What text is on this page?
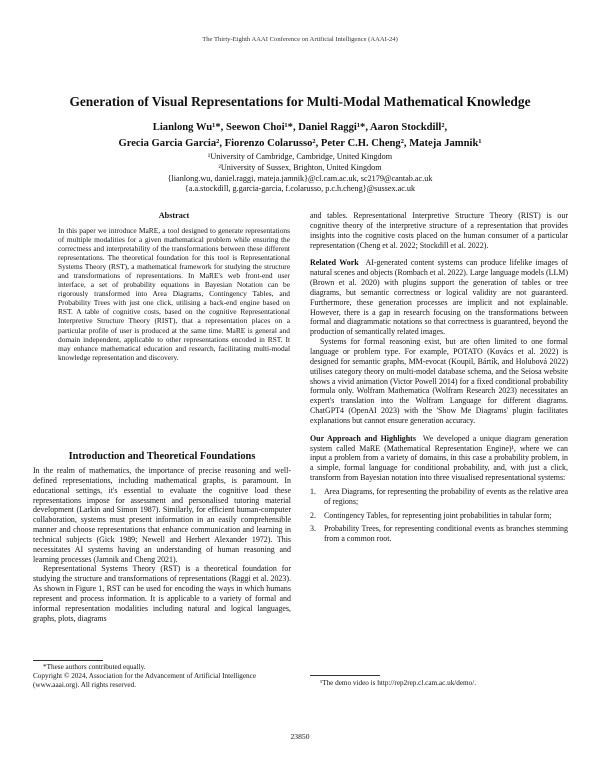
The Thirty-Eighth AAAI Conference on Artificial Intelligence (AAAI-24)
Generation of Visual Representations for Multi-Modal Mathematical Knowledge
Lianlong Wu¹*, Seewon Choi¹*, Daniel Raggi¹*, Aaron Stockdill²,
Grecia Garcia Garcia², Fiorenzo Colarusso², Peter C.H. Cheng², Mateja Jamnik¹
¹University of Cambridge, Cambridge, United Kingdom
²University of Sussex, Brighton, United Kingdom
{lianlong.wu, daniel.raggi, mateja.jamnik}@cl.cam.ac.uk, sc2179@cantab.ac.uk
{a.a.stockdill, g.garcia-garcia, f.colarusso, p.c.h.cheng}@sussex.ac.uk
Abstract
In this paper we introduce MaRE, a tool designed to generate representations of multiple modalities for a given mathematical problem while ensuring the correctness and interpretability of the transformations between these different representations. The theoretical foundation for this tool is Representational Systems Theory (RST), a mathematical framework for studying the structure and transformations of representations. In MaRE's web front-end user interface, a set of probability equations in Bayesian Notation can be rigorously transformed into Area Diagrams, Contingency Tables, and Probability Trees with just one click, utilising a back-end engine based on RST. A table of cognitive costs, based on the cognitive Representational Interpretive Structure Theory (RIST), that a representation places on a particular profile of user is produced at the same time. MaRE is general and domain independent, applicable to other representations encoded in RST. It may enhance mathematical education and research, facilitating multi-modal knowledge representation and discovery.
Introduction and Theoretical Foundations

In the realm of mathematics, the importance of precise reasoning and well-defined representations, including mathematical graphs, is paramount. In educational settings, it's essential to evaluate the cognitive load these representations impose for assessment and personalised tutoring material development (Larkin and Simon 1987). Similarly, for efficient human-computer collaboration, systems must present information in an easily comprehensible manner and choose representations that enhance communication and learning in technical subjects (Gick 1989; Newell and Herbert Alexander 1972). This necessitates AI systems having an understanding of human reasoning and learning processes (Jamnik and Cheng 2021).

Representational Systems Theory (RST) is a theoretical foundation for studying the structure and transformations of representations (Raggi et al. 2023). As shown in Figure 1, RST can be used for encoding the ways in which humans represent and process information. It is applicable to a variety of formal and informal representation modalities including natural and logical languages, graphs, plots, diagrams

*These authors contributed equally.
Copyright © 2024, Association for the Advancement of Artificial Intelligence (www.aaai.org). All rights reserved.

and tables. Representational Interpretive Structure Theory (RIST) is our cognitive theory of the interpretive structure of a representation that provides insights into the cognitive costs placed on the human consumer of a particular representation (Cheng et al. 2022; Stockdill et al. 2022).

Related Work AI-generated content systems can produce lifelike images of natural scenes and objects (Rombach et al. 2022). Large language models (LLM) (Brown et al. 2020) with plugins support the generation of tables or tree diagrams, but semantic correctness or logical validity are not guaranteed. Furthermore, these generation processes are implicit and not explainable. However, there is a gap in research focusing on the transformations between formal and diagrammatic notations so that correctness is guaranteed, beyond the production of semantically related images.

Systems for formal reasoning exist, but are often limited to one formal language or problem type. For example, POTATO (Kovács et al. 2022) is designed for semantic graphs, MM-evocat (Koupil, Bártík, and Holubová 2022) utilises category theory on multi-model database schema, and the Seiosa website shows a vivid animation (Victor Powell 2014) for a fixed conditional probability formula only. Wolfram Mathematica (Wolfram Research 2023) necessitates an expert's translation into the Wolfram Language for different diagrams. ChatGPT4 (OpenAI 2023) with the 'Show Me Diagrams' plugin facilitates explanations but cannot ensure generation accuracy.

Our Approach and Highlights We developed a unique diagram generation system called MaRE (Mathematical Representation Engine)¹, where we can input a problem from a variety of domains, in this case a probability problem, in a simple, formal language for conditional probability, and, with just a click, transform from Bayesian notation into three visualised representational systems:

1. Area Diagrams, for representing the probability of events as the relative area of regions;
2. Contingency Tables, for representing joint probabilities in tabular form;
3. Probability Trees, for representing conditional events as branches stemming from a common root.
¹The demo video is http://rep2rep.cl.cam.ac.uk/demo/.
23850
